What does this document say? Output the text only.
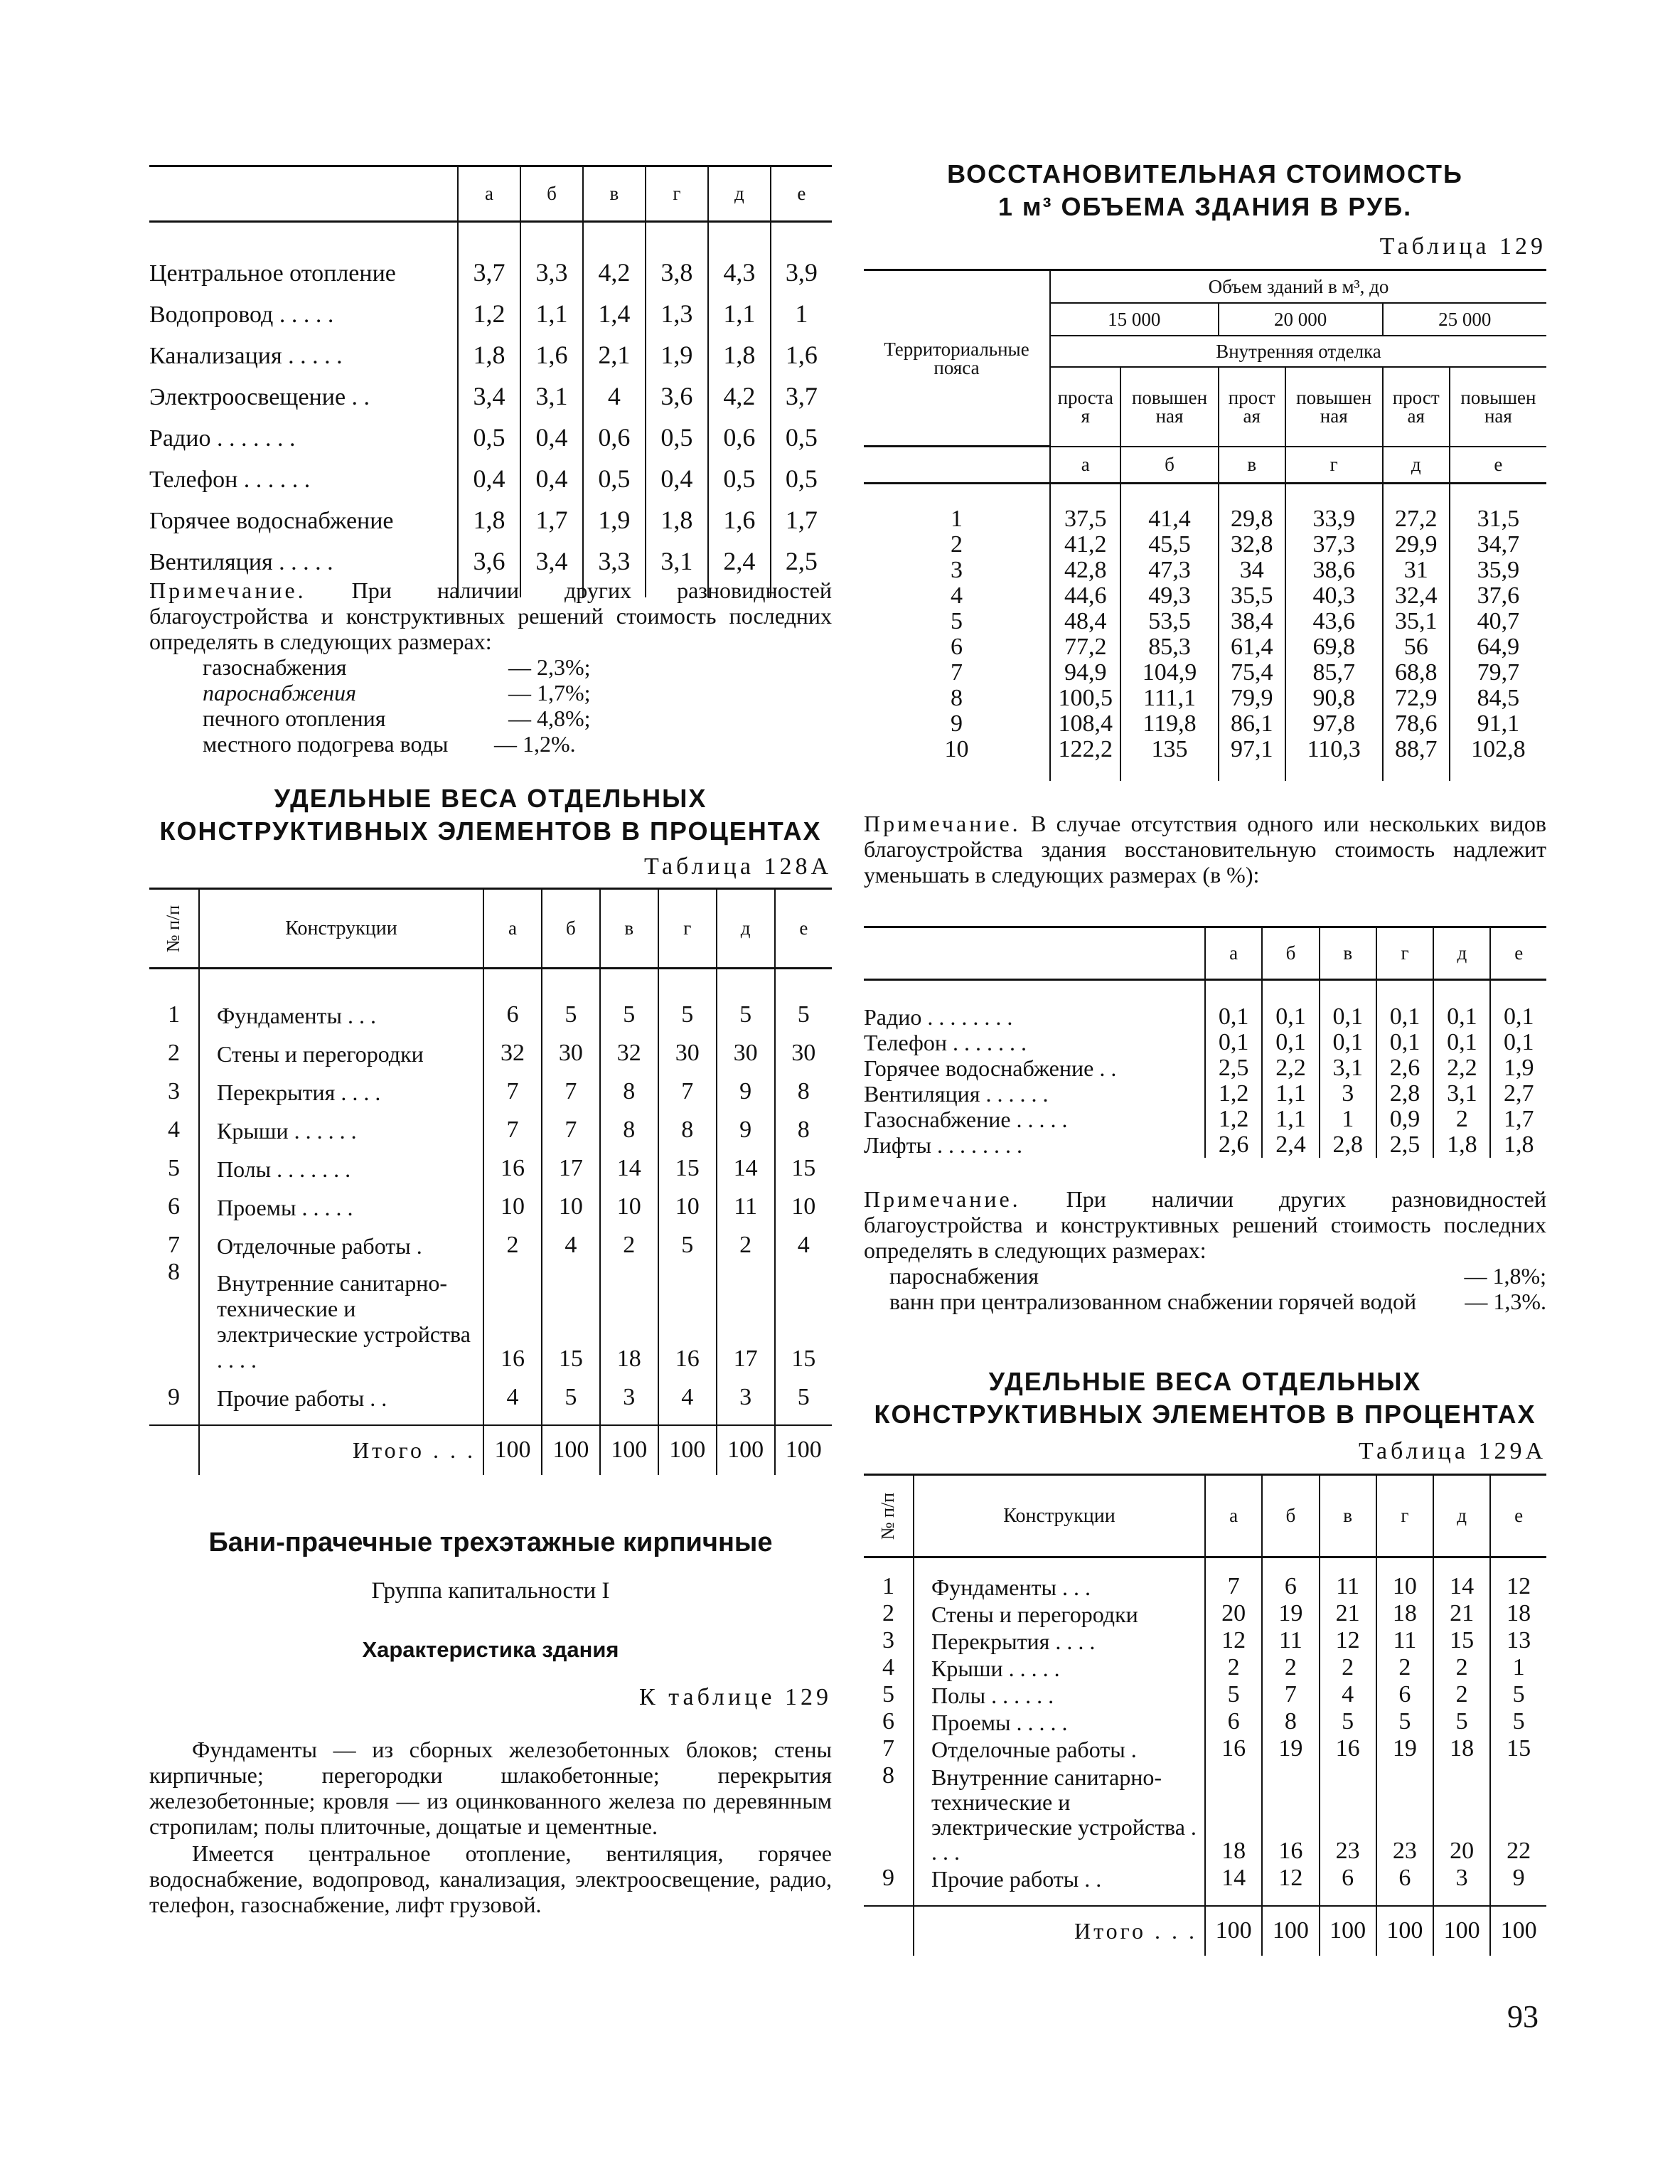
	а	б	в	г	д	е
Центральное отопление	3,7	3,3	4,2	3,8	4,3	3,9
Водопровод . . . . .	1,2	1,1	1,4	1,3	1,1	1
Канализация . . . . .	1,8	1,6	2,1	1,9	1,8	1,6
Электроосвещение . .	3,4	3,1	4	3,6	4,2	3,7
Радио . . . . . . .	0,5	0,4	0,6	0,5	0,6	0,5
Телефон . . . . . .	0,4	0,4	0,5	0,4	0,5	0,5
Горячее водоснабжение	1,8	1,7	1,9	1,8	1,6	1,7
Вентиляция . . . . .	3,6	3,4	3,3	3,1	2,4	2,5

Примечание. При наличии других разновидностей благоустройства и конструктивных решений стоимость последних определять в следующих размерах:

газоснабжения	— 2,3%;
пароснабжения	— 1,7%;
печного отопления	— 4,8%;
местного подогрева воды	— 1,2%.

УДЕЛЬНЫЕ ВЕСА ОТДЕЛЬНЫХ

КОНСТРУКТИВНЫХ ЭЛЕМЕНТОВ В ПРОЦЕНТАХ

Таблица 128А

№ п/п	Конструкции	а	б	в	г	д	е
1	Фундаменты . . .	6	5	5	5	5	5
2	Стены и перегородки	32	30	32	30	30	30
3	Перекрытия . . . .	7	7	8	7	9	8
4	Крыши . . . . . .	7	7	8	8	9	8
5	Полы . . . . . . .	16	17	14	15	14	15
6	Проемы . . . . .	10	10	10	10	11	10
7	Отделочные работы .	2	4	2	5	2	4
8	Внутренние санитарно-технические и электрические устройства . . . .	16	15	18	16	17	15
9	Прочие работы . .	4	5	3	4	3	5

	Итого . . .	100	100	100	100	100	100

Бани-прачечные трехэтажные кирпичные

Группа капитальности I

Характеристика здания

К таблице 129

Фундаменты — из сборных железобетонных блоков; стены кирпичные; перегородки шлакобетонные; перекрытия железобетонные; кровля — из оцинкованного железа по деревянным стропилам; полы плиточные, дощатые и цементные.

Имеется центральное отопление, вентиляция, горячее водоснабжение, водопровод, канализация, электроосвещение, радио, телефон, газоснабжение, лифт грузовой.

ВОССТАНОВИТЕЛЬНАЯ СТОИМОСТЬ

1 м³ ОБЪЕМА ЗДАНИЯ В РУБ.

Таблица 129

Территориальные пояса	Объем зданий в м³, до					
	15 000		20 000		25 000	
	Внутренняя отделка					
	простая	повышенная	простая	повышенная	простая	повышенная
	а	б	в	г	д	е
1	37,5	41,4	29,8	33,9	27,2	31,5
2	41,2	45,5	32,8	37,3	29,9	34,7
3	42,8	47,3	34	38,6	31	35,9
4	44,6	49,3	35,5	40,3	32,4	37,6
5	48,4	53,5	38,4	43,6	35,1	40,7
6	77,2	85,3	61,4	69,8	56	64,9
7	94,9	104,9	75,4	85,7	68,8	79,7
8	100,5	111,1	79,9	90,8	72,9	84,5
9	108,4	119,8	86,1	97,8	78,6	91,1
10	122,2	135	97,1	110,3	88,7	102,8

Примечание. В случае отсутствия одного или нескольких видов благоустройства здания восстановительную стоимость надлежит уменьшать в следующих размерах (в %):

	а	б	в	г	д	е
Радио . . . . . . . .	0,1	0,1	0,1	0,1	0,1	0,1
Телефон . . . . . . .	0,1	0,1	0,1	0,1	0,1	0,1
Горячее водоснабжение . .	2,5	2,2	3,1	2,6	2,2	1,9
Вентиляция . . . . . .	1,2	1,1	3	2,8	3,1	2,7
Газоснабжение . . . . .	1,2	1,1	1	0,9	2	1,7
Лифты . . . . . . . .	2,6	2,4	2,8	2,5	1,8	1,8

Примечание. При наличии других разновидностей благоустройства и конструктивных решений стоимость последних определять в следующих размерах:

пароснабжения	— 1,8%;
ванн при централизованном снабжении горячей водой	— 1,3%.

УДЕЛЬНЫЕ ВЕСА ОТДЕЛЬНЫХ

КОНСТРУКТИВНЫХ ЭЛЕМЕНТОВ В ПРОЦЕНТАХ

Таблица 129А

№ п/п	Конструкции	а	б	в	г	д	е
1	Фундаменты . . .	7	6	11	10	14	12
2	Стены и перегородки	20	19	21	18	21	18
3	Перекрытия . . . .	12	11	12	11	15	13
4	Крыши . . . . .	2	2	2	2	2	1
5	Полы . . . . . .	5	7	4	6	2	5
6	Проемы . . . . .	6	8	5	5	5	5
7	Отделочные работы .	16	19	16	19	18	15
8	Внутренние санитарно-технические и электрические устройства . . . .	18	16	23	23	20	22
9	Прочие работы . .	14	12	6	6	3	9

	Итого . . .	100	100	100	100	100	100
93
